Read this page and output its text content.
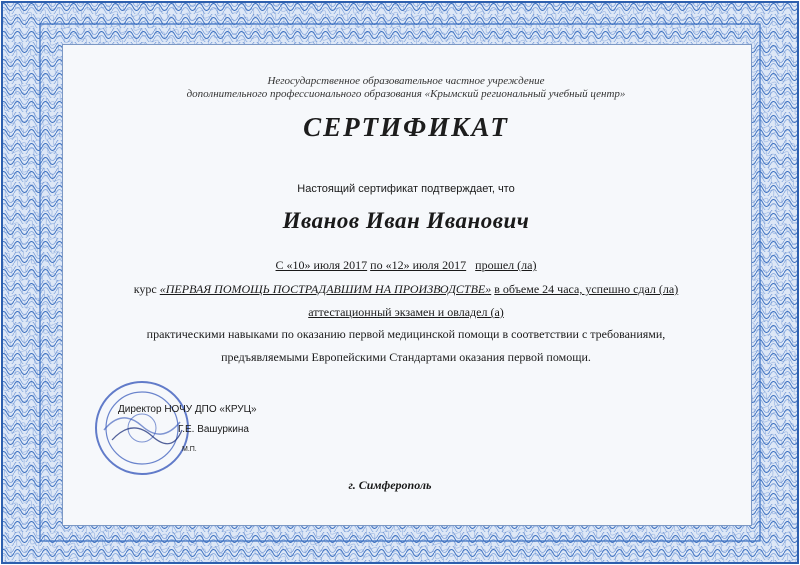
Негосударственное образовательное частное учреждение
дополнительного профессионального образования «Крымский региональный учебный центр»
СЕРТИФИКАТ
Настоящий сертификат подтверждает, что
Иванов Иван Иванович
С «10» июля 2017 по «12» июля 2017 прошел (ла)
курс «ПЕРВАЯ ПОМОЩЬ ПОСТРАДАВШИМ НА ПРОИЗВОДСТВЕ» в объеме 24 часа, успешно сдал (ла)
аттестационный экзамен и овладел (а)
практическими навыками по оказанию первой медицинской помощи в соответствии с требованиями,
предъявляемыми Европейскими Стандартами оказания первой помощи.
Директор НОЧУ ДПО «КРУЦ»
Г.Е. Вашуркина
М.П.
г. Симферополь
